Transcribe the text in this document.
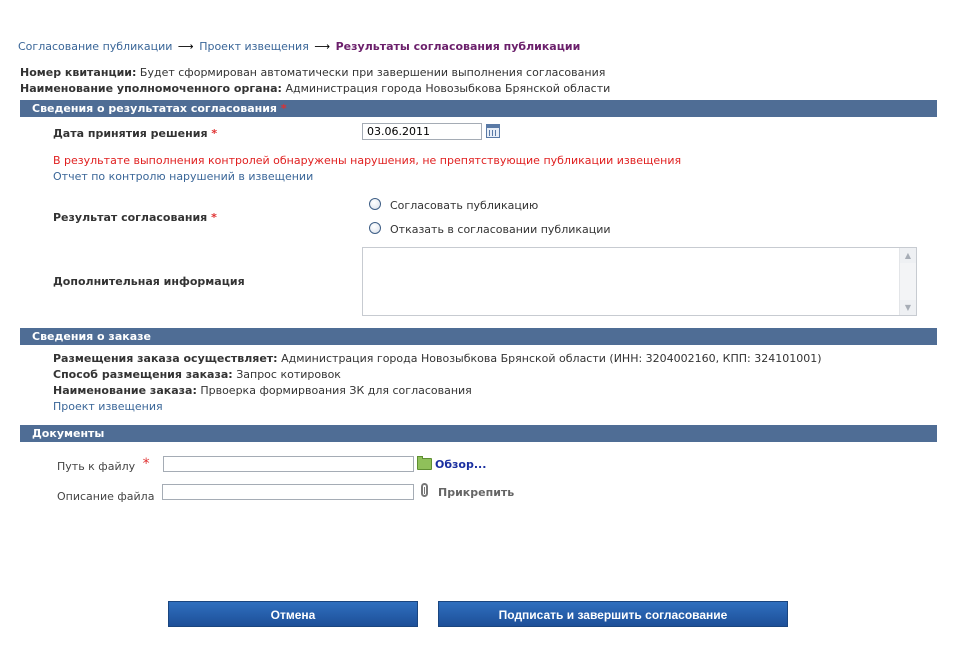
Согласование публикации ⟶ Проект извещения ⟶ Результаты согласования публикации
Номер квитанции: Будет сформирован автоматически при завершении выполнения согласования
Наименование уполномоченного органа: Администрация города Новозыбкова Брянской области
Сведения о результатах согласования *
Дата принятия решения *
03.06.2011
В результате выполнения контролей обнаружены нарушения, не препятствующие публикации извещения
Отчет по контролю нарушений в извещении
Результат согласования *
Согласовать публикацию
Отказать в согласовании публикации
Дополнительная информация
▲
▼
Сведения о заказе
Размещения заказа осуществляет: Администрация города Новозыбкова Брянской области (ИНН: 3204002160, КПП: 324101001)
Способ размещения заказа: Запрос котировок
Наименование заказа: Првоерка формирвоания ЗК для согласования
Проект извещения
Документы
Путь к файлу *	Обзор...
Описание файла	Прикрепить
Отмена	Подписать и завершить согласование
